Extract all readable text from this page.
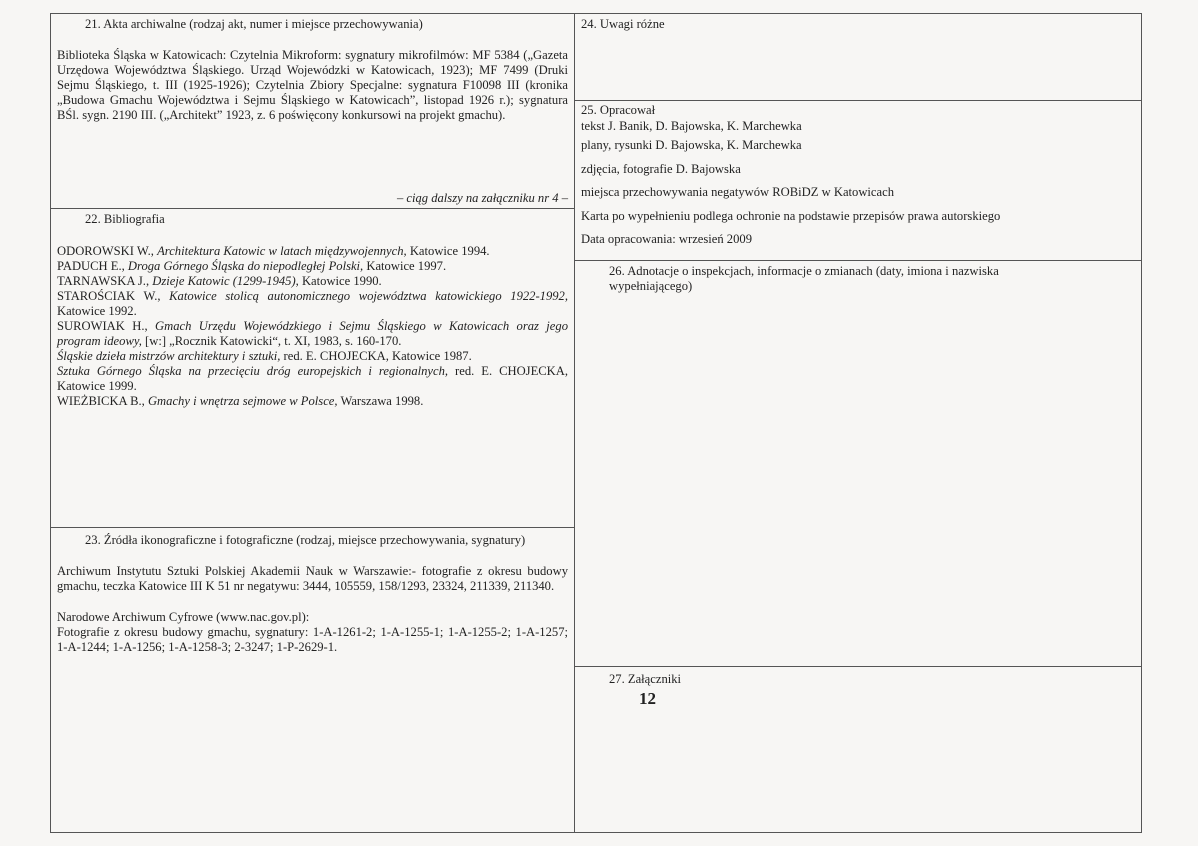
21. Akta archiwalne (rodzaj akt, numer i miejsce przechowywania)

Biblioteka Śląska w Katowicach: Czytelnia Mikroform: sygnatury mikrofilmów: MF 5384 („Gazeta Urzędowa Województwa Śląskiego. Urząd Wojewódzki w Katowicach, 1923); MF 7499 (Druki Sejmu Śląskiego, t. III (1925-1926); Czytelnia Zbiory Specjalne: sygnatura F10098 III (kronika „Budowa Gmachu Województwa i Sejmu Śląskiego w Katowicach”, listopad 1926 r.); sygnatura BŚl. sygn. 2190 III. („Architekt” 1923, z. 6 poświęcony konkursowi na projekt gmachu).

– ciąg dalszy na załączniku nr 4 –

22. Bibliografia

ODOROWSKI W., Architektura Katowic w latach międzywojennych, Katowice 1994.

PADUCH E., Droga Górnego Śląska do niepodległej Polski, Katowice 1997.

TARNAWSKA J., Dzieje Katowic (1299-1945), Katowice 1990.

STAROŚCIAK W., Katowice stolicą autonomicznego województwa katowickiego 1922-1992, Katowice 1992.

SUROWIAK H., Gmach Urzędu Wojewódzkiego i Sejmu Śląskiego w Katowicach oraz jego program ideowy, [w:] „Rocznik Katowicki“, t. XI, 1983, s. 160-170.

Śląskie dzieła mistrzów architektury i sztuki, red. E. CHOJECKA, Katowice 1987.

Sztuka Górnego Śląska na przecięciu dróg europejskich i regionalnych, red. E. CHOJECKA, Katowice 1999.

WIEŻBICKA B., Gmachy i wnętrza sejmowe w Polsce, Warszawa 1998.

23. Źródła ikonograficzne i fotograficzne (rodzaj, miejsce przechowywania, sygnatury)

Archiwum Instytutu Sztuki Polskiej Akademii Nauk w Warszawie:- fotografie z okresu budowy gmachu, teczka Katowice III K 51 nr negatywu: 3444, 105559, 158/1293, 23324, 211339, 211340.

Narodowe Archiwum Cyfrowe (www.nac.gov.pl):

Fotografie z okresu budowy gmachu, sygnatury: 1-A-1261-2; 1-A-1255-1; 1-A-1255-2; 1-A-1257; 1-A-1244; 1-A-1256; 1-A-1258-3; 2-3247; 1-P-2629-1.

24. Uwagi różne

25. Opracował

tekst J. Banik, D. Bajowska, K. Marchewka

plany, rysunki D. Bajowska, K. Marchewka

zdjęcia, fotografie D. Bajowska

miejsca przechowywania negatywów ROBiDZ w Katowicach

Karta po wypełnieniu podlega ochronie na podstawie przepisów prawa autorskiego

Data opracowania: wrzesień 2009

26. Adnotacje o inspekcjach, informacje o zmianach (daty, imiona i nazwiska wypełniającego)

27. Załączniki

12
